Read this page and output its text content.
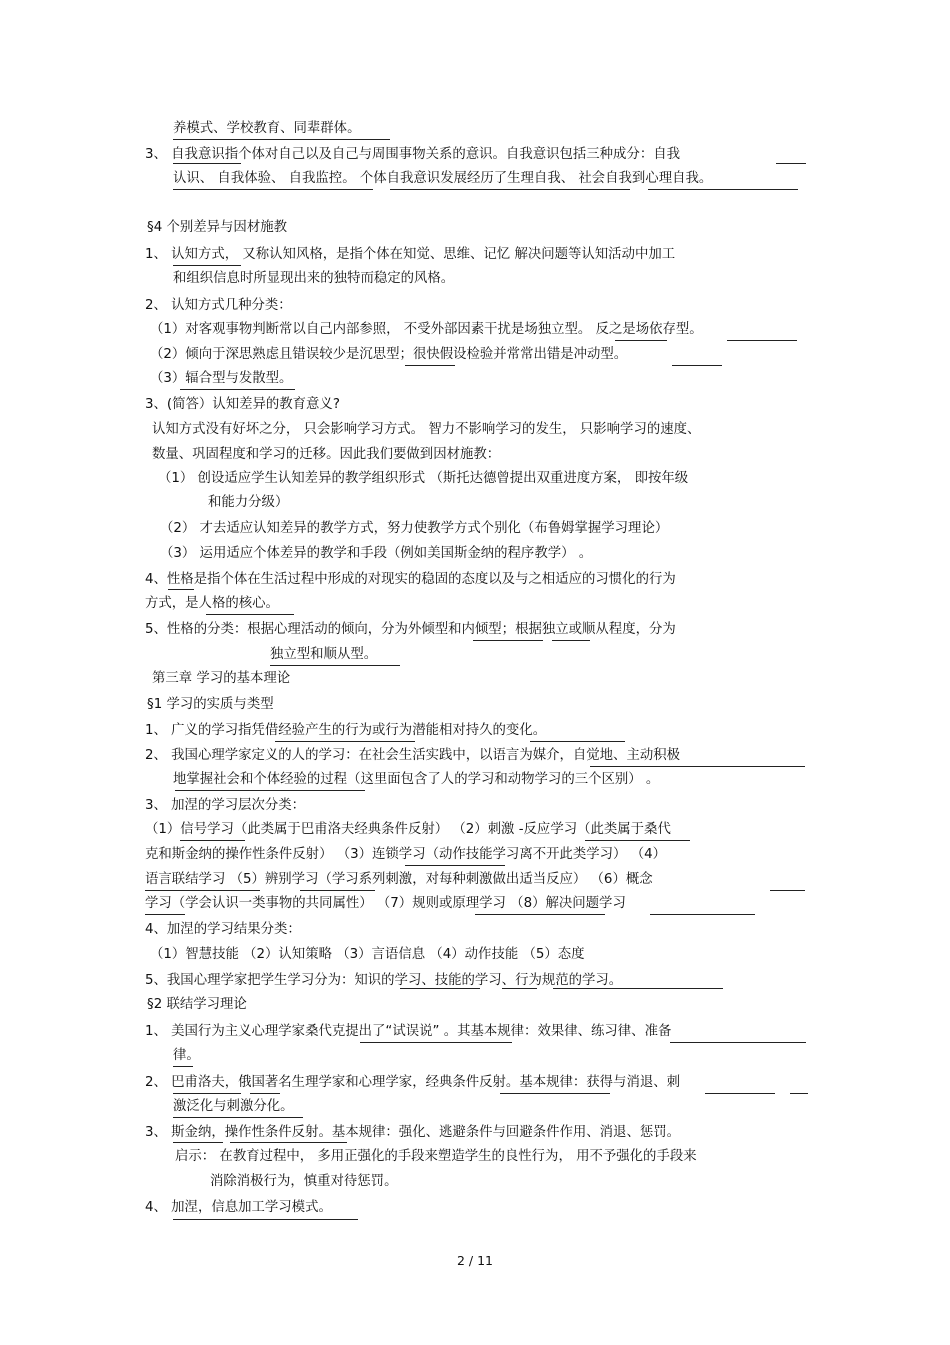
养模式、学校教育、同辈群体。
3、 自我意识指个体对自己以及自己与周围事物关系的意识。自我意识包括三种成分：自我
认识、 自我体验、 自我监控。 个体自我意识发展经历了生理自我、 社会自我到心理自我。
§4 个别差异与因材施教
1、 认知方式， 又称认知风格，是指个体在知觉、思维、记忆 解决问题等认知活动中加工
和组织信息时所显现出来的独特而稳定的风格。
2、 认知方式几种分类：
（1）对客观事物判断常以自己内部参照， 不受外部因素干扰是场独立型。 反之是场依存型。
（2）倾向于深思熟虑且错误较少是沉思型；很快假设检验并常常出错是冲动型。
（3）辐合型与发散型。
3、(简答）认知差异的教育意义?
认知方式没有好坏之分， 只会影响学习方式。 智力不影响学习的发生， 只影响学习的速度、
数量、巩固程度和学习的迁移。因此我们要做到因材施教：
（1） 创设适应学生认知差异的教学组织形式 （斯托达德曾提出双重进度方案， 即按年级
和能力分级）
（2） 才去适应认知差异的教学方式，努力使教学方式个别化（布鲁姆掌握学习理论）
（3） 运用适应个体差异的教学和手段（例如美国斯金纳的程序教学） 。
4、性格是指个体在生活过程中形成的对现实的稳固的态度以及与之相适应的习惯化的行为
方式，是人格的核心。
5、性格的分类：根据心理活动的倾向，分为外倾型和内倾型；根据独立或顺从程度，分为
独立型和顺从型。
第三章 学习的基本理论
§1 学习的实质与类型
1、 广义的学习指凭借经验产生的行为或行为潜能相对持久的变化。
2、 我国心理学家定义的人的学习：在社会生活实践中，以语言为媒介，自觉地、主动积极
地掌握社会和个体经验的过程（这里面包含了人的学习和动物学习的三个区别） 。
3、 加涅的学习层次分类：
（1）信号学习（此类属于巴甫洛夫经典条件反射） （2）刺激 -反应学习（此类属于桑代
克和斯金纳的操作性条件反射） （3）连锁学习（动作技能学习离不开此类学习） （4）
语言联结学习 （5）辨别学习（学习系列刺激，对每种刺激做出适当反应） （6）概念
学习（学会认识一类事物的共同属性） （7）规则或原理学习 （8）解决问题学习
4、加涅的学习结果分类：
（1）智慧技能 （2）认知策略 （3）言语信息 （4）动作技能 （5）态度
5、我国心理学家把学生学习分为：知识的学习、技能的学习、行为规范的学习。
§2 联结学习理论
1、 美国行为主义心理学家桑代克提出了“试误说” 。其基本规律：效果律、练习律、准备
律。
2、 巴甫洛夫，俄国著名生理学家和心理学家，经典条件反射。基本规律：获得与消退、刺
激泛化与刺激分化。
3、 斯金纳，操作性条件反射。基本规律：强化、逃避条件与回避条件作用、消退、惩罚。
启示： 在教育过程中， 多用正强化的手段来塑造学生的良性行为， 用不予强化的手段来
消除消极行为，慎重对待惩罚。
4、 加涅，信息加工学习模式。
2 / 11
